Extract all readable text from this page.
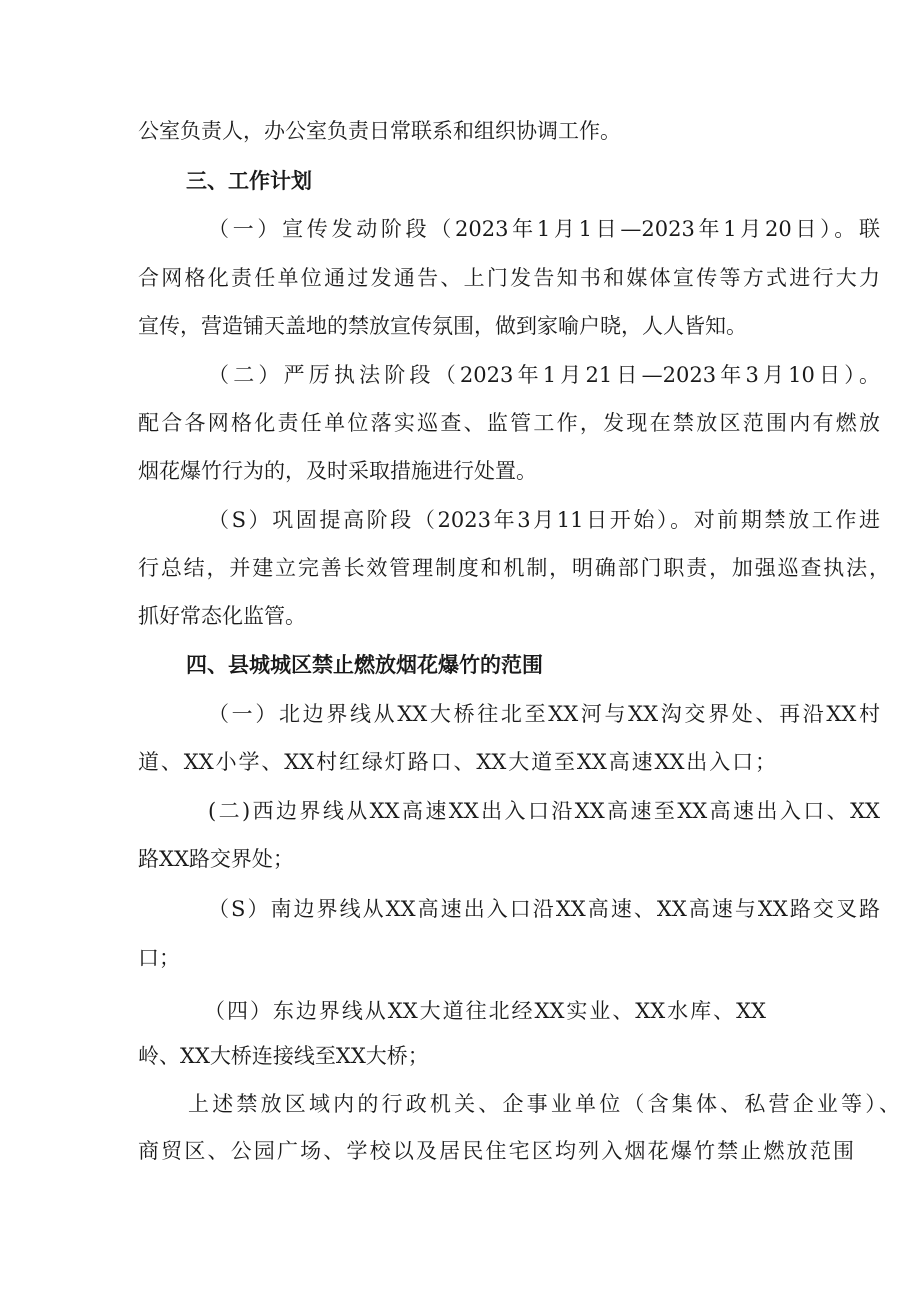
公室负责人，办公室负责日常联系和组织协调工作。
三、工作计划
（一）宣传发动阶段（2023年1月1日—2023年1月20日）。联
合网格化责任单位通过发通告、上门发告知书和媒体宣传等方式进行大力
宣传，营造铺天盖地的禁放宣传氛围，做到家喻户晓，人人皆知。
（二）严厉执法阶段（2023年1月21日—2023年3月10日）。
配合各网格化责任单位落实巡查、监管工作，发现在禁放区范围内有燃放
烟花爆竹行为的，及时采取措施进行处置。
（S）巩固提高阶段（2023年3月11日开始）。对前期禁放工作进
行总结，并建立完善长效管理制度和机制，明确部门职责，加强巡查执法，
抓好常态化监管。
四、县城城区禁止燃放烟花爆竹的范围
（一）北边界线从XX大桥往北至XX河与XX沟交界处、再沿XX村
道、XX小学、XX村红绿灯路口、XX大道至XX高速XX出入口；
(二)西边界线从XX高速XX出入口沿XX高速至XX高速出入口、XX
路XX路交界处；
（S）南边界线从XX高速出入口沿XX高速、XX高速与XX路交叉路
口；
（四）东边界线从XX大道往北经XX实业、XX水库、XX
岭、XX大桥连接线至XX大桥；
上述禁放区域内的行政机关、企事业单位（含集体、私营企业等）、
商贸区、公园广场、学校以及居民住宅区均列入烟花爆竹禁止燃放范围
